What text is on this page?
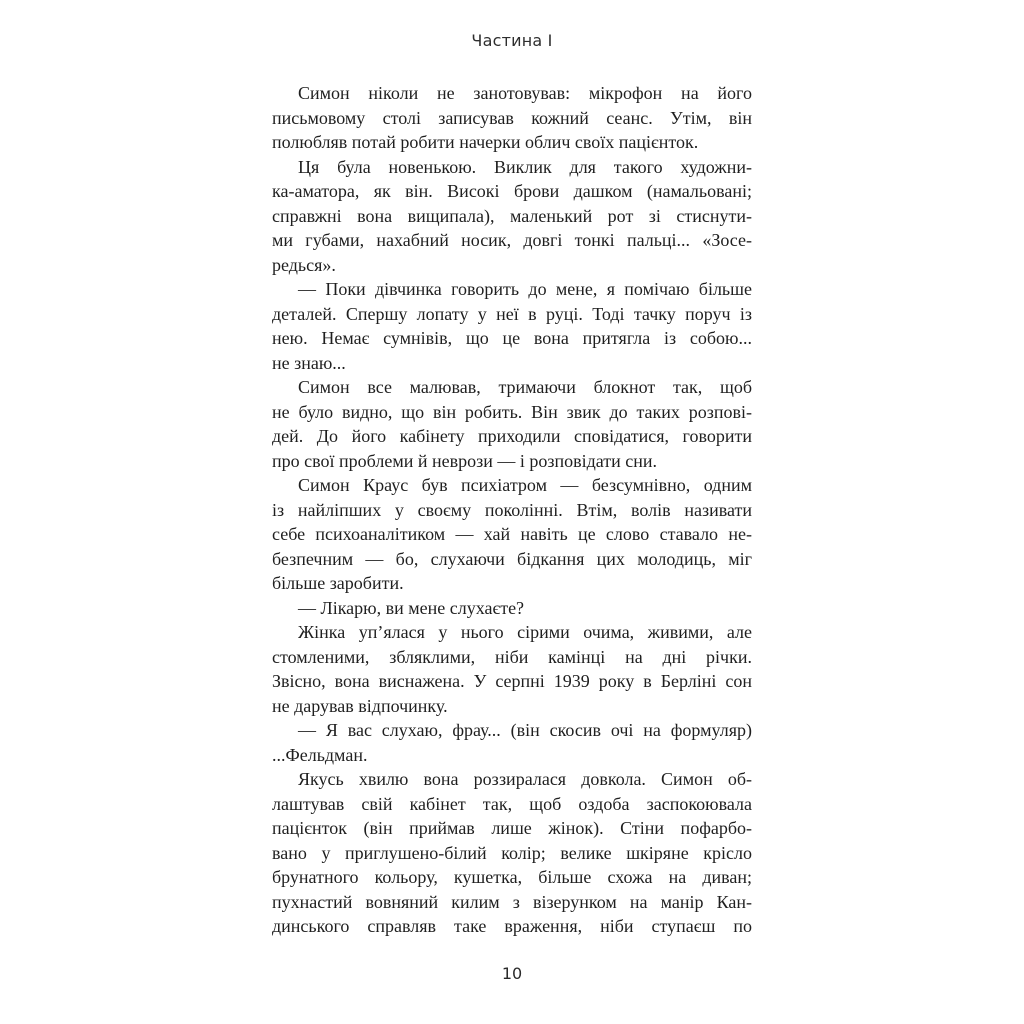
Частина I
Симон ніколи не занотовував: мікрофон на його
письмовому столі записував кожний сеанс. Утім, він
полюбляв потай робити начерки облич своїх пацієнток.
Ця була новенькою. Виклик для такого художни-
ка-аматора, як він. Високі брови дашком (намальовані;
справжні вона вищипала), маленький рот зі стиснути-
ми губами, нахабний носик, довгі тонкі пальці... «Зосе-
редься».
— Поки дівчинка говорить до мене, я помічаю більше
деталей. Спершу лопату у неї в руці. Тоді тачку поруч із
нею. Немає сумнівів, що це вона притягла із собою...
не знаю...
Симон все малював, тримаючи блокнот так, щоб
не було видно, що він робить. Він звик до таких розпові-
дей. До його кабінету приходили сповідатися, говорити
про свої проблеми й неврози — і розповідати сни.
Симон Краус був психіатром — безсумнівно, одним
із найліпших у своєму поколінні. Втім, волів називати
себе психоаналітиком — хай навіть це слово ставало не-
безпечним — бо, слухаючи бідкання цих молодиць, міг
більше заробити.
— Лікарю, ви мене слухаєте?
Жінка уп’ялася у нього сірими очима, живими, але
стомленими, збляклими, ніби камінці на дні річки.
Звісно, вона виснажена. У серпні 1939 року в Берліні сон
не дарував відпочинку.
— Я вас слухаю, фрау... (він скосив очі на формуляр)
...Фельдман.
Якусь хвилю вона роззиралася довкола. Симон об-
лаштував свій кабінет так, щоб оздоба заспокоювала
пацієнток (він приймав лише жінок). Стіни пофарбо-
вано у приглушено-білий колір; велике шкіряне крісло
брунатного кольору, кушетка, більше схожа на диван;
пухнастий вовняний килим з візерунком на манір Кан-
динського справляв таке враження, ніби ступаєш по
10
